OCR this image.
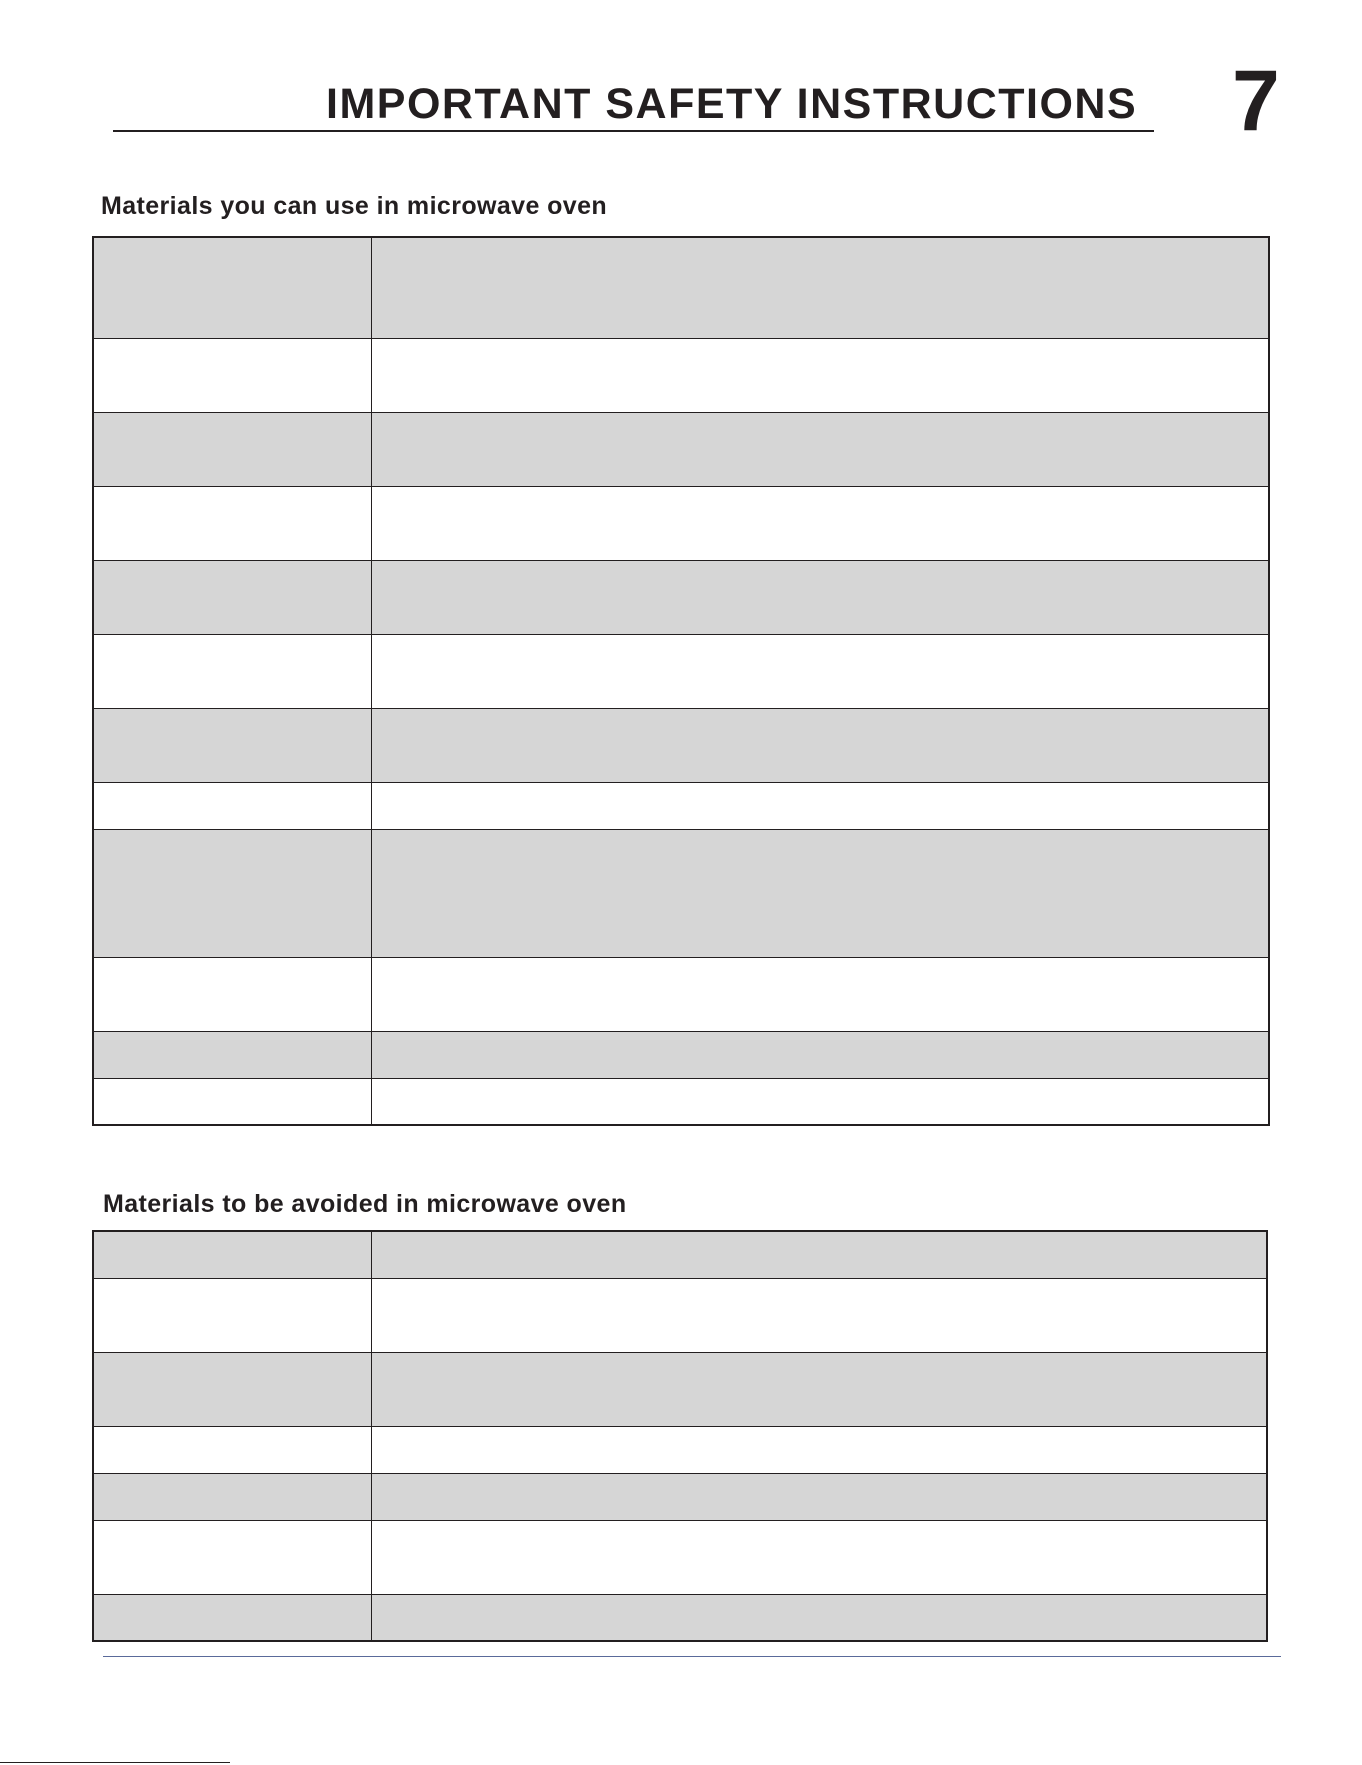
IMPORTANT SAFETY INSTRUCTIONS 7
Materials you can use in microwave oven

Materials to be avoided in microwave oven
